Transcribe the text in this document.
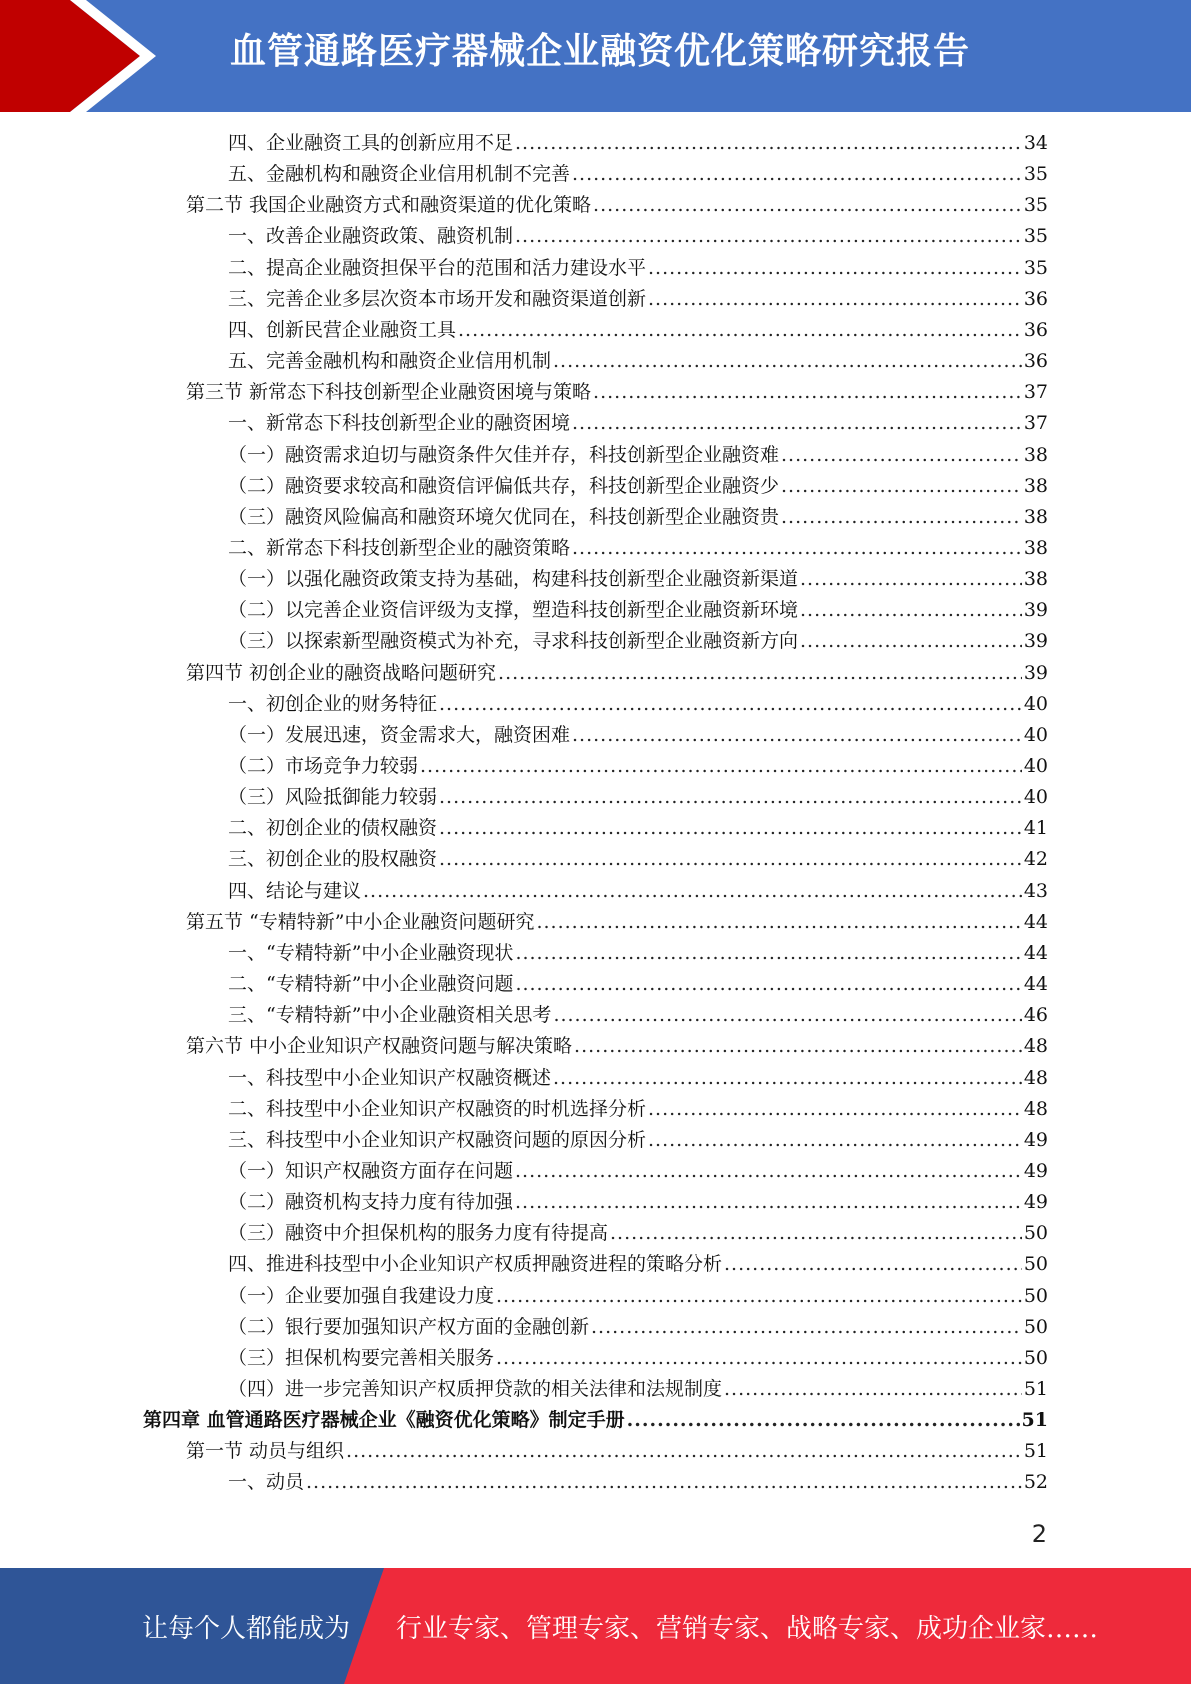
血管通路医疗器械企业融资优化策略研究报告
四、企业融资工具的创新应用不足 .....	34
五、金融机构和融资企业信用机制不完善 .....	35
第二节 我国企业融资方式和融资渠道的优化策略 .....	35
一、改善企业融资政策、融资机制 .....	35
二、提高企业融资担保平台的范围和活力建设水平 .....	35
三、完善企业多层次资本市场开发和融资渠道创新 .....	36
四、创新民营企业融资工具 .....	36
五、完善金融机构和融资企业信用机制 .....	36
第三节 新常态下科技创新型企业融资困境与策略 .....	37
一、新常态下科技创新型企业的融资困境 .....	37
（一）融资需求迫切与融资条件欠佳并存，科技创新型企业融资难 .....	38
（二）融资要求较高和融资信评偏低共存，科技创新型企业融资少 .....	38
（三）融资风险偏高和融资环境欠优同在，科技创新型企业融资贵 .....	38
二、新常态下科技创新型企业的融资策略 .....	38
（一）以强化融资政策支持为基础，构建科技创新型企业融资新渠道 .....	38
（二）以完善企业资信评级为支撑，塑造科技创新型企业融资新环境 .....	39
（三）以探索新型融资模式为补充，寻求科技创新型企业融资新方向 .....	39
第四节 初创企业的融资战略问题研究 .....	39
一、初创企业的财务特征 .....	40
（一）发展迅速，资金需求大，融资困难 .....	40
（二）市场竞争力较弱 .....	40
（三）风险抵御能力较弱 .....	40
二、初创企业的债权融资 .....	41
三、初创企业的股权融资 .....	42
四、结论与建议 .....	43
第五节 “专精特新”中小企业融资问题研究 .....	44
一、“专精特新”中小企业融资现状 .....	44
二、“专精特新”中小企业融资问题 .....	44
三、“专精特新”中小企业融资相关思考 .....	46
第六节 中小企业知识产权融资问题与解决策略 .....	48
一、科技型中小企业知识产权融资概述 .....	48
二、科技型中小企业知识产权融资的时机选择分析 .....	48
三、科技型中小企业知识产权融资问题的原因分析 .....	49
（一）知识产权融资方面存在问题 .....	49
（二）融资机构支持力度有待加强 .....	49
（三）融资中介担保机构的服务力度有待提高 .....	50
四、推进科技型中小企业知识产权质押融资进程的策略分析 .....	50
（一）企业要加强自我建设力度 .....	50
（二）银行要加强知识产权方面的金融创新 .....	50
（三）担保机构要完善相关服务 .....	50
（四）进一步完善知识产权质押贷款的相关法律和法规制度 .....	51
第四章 血管通路医疗器械企业《融资优化策略》制定手册 .....	51
第一节 动员与组织 .....	51
一、动员 .....	52
2
让每个人都能成为 行业专家、管理专家、营销专家、战略专家、成功企业家……
